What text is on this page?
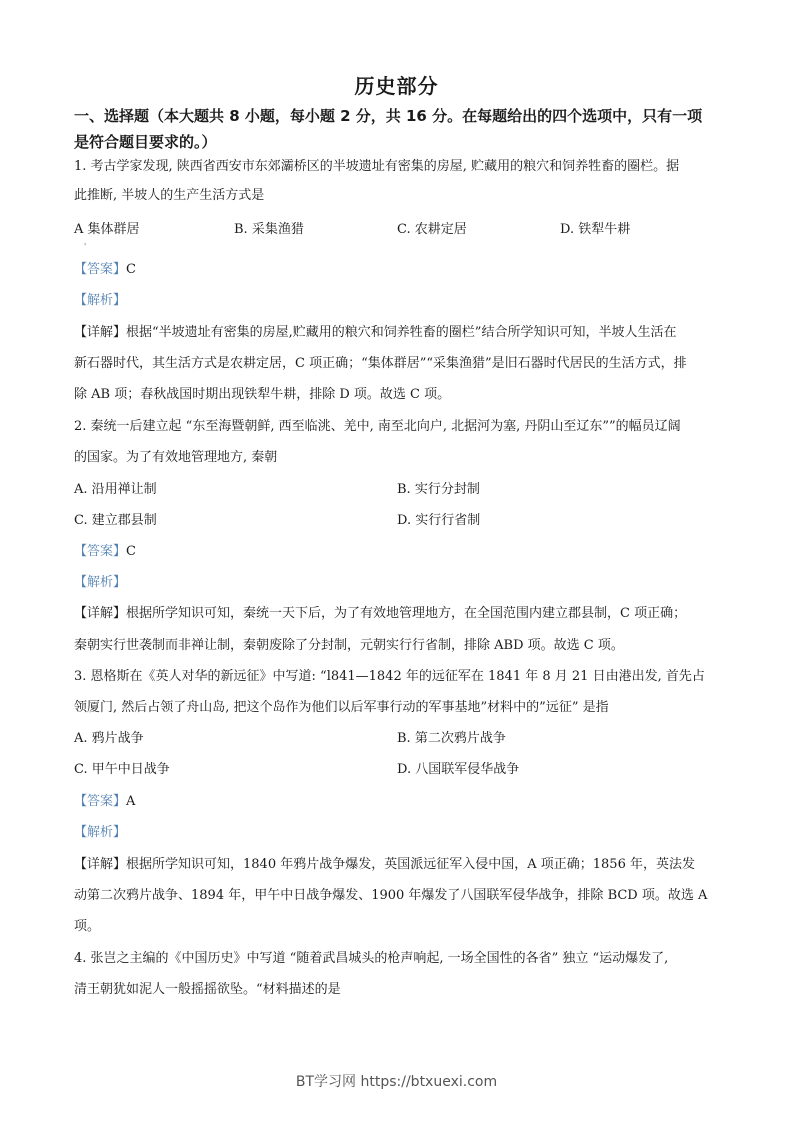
历史部分
一、选择题（本大题共 8 小题，每小题 2 分，共 16 分。在每题给出的四个选项中，只有一项
是符合题目要求的。）
1. 考古学家发现, 陕西省西安市东郊灞桥区的半坡遗址有密集的房屋, 贮藏用的粮穴和饲养牲畜的圈栏。据
此推断, 半坡人的生产生活方式是
A 集体群居	B. 采集渔猎	C. 农耕定居	D. 铁犁牛耕
'
【答案】C
【解析】
【详解】根据“半坡遗址有密集的房屋,贮藏用的粮穴和饲养牲畜的圈栏”结合所学知识可知，半坡人生活在
新石器时代，其生活方式是农耕定居，C 项正确；“集体群居”“采集渔猎”是旧石器时代居民的生活方式，排
除 AB 项；春秋战国时期出现铁犁牛耕，排除 D 项。故选 C 项。
2. 秦统一后建立起 “东至海暨朝鲜, 西至临洮、羌中, 南至北向户, 北据河为塞, 丹阴山至辽东””的幅员辽阔
的国家。为了有效地管理地方, 秦朝
A. 沿用禅让制	B. 实行分封制
C. 建立郡县制	D. 实行行省制
【答案】C
【解析】
【详解】根据所学知识可知，秦统一天下后，为了有效地管理地方，在全国范围内建立郡县制，C 项正确；
秦朝实行世袭制而非禅让制，秦朝废除了分封制，元朝实行行省制，排除 ABD 项。故选 C 项。
3. 恩格斯在《英人对华的新远征》中写道: “l841—1842 年的远征军在 1841 年 8 月 21 日由港出发, 首先占
领厦门, 然后占领了舟山岛, 把这个岛作为他们以后军事行动的军事基地”材料中的”远征” 是指
A. 鸦片战争	B. 第二次鸦片战争
C. 甲午中日战争	D. 八国联军侵华战争
【答案】A
【解析】
【详解】根据所学知识可知，1840 年鸦片战争爆发，英国派远征军入侵中国，A 项正确；1856 年，英法发
动第二次鸦片战争、1894 年，甲午中日战争爆发、1900 年爆发了八国联军侵华战争，排除 BCD 项。故选 A
项。
4. 张岂之主编的《中国历史》中写道 “随着武昌城头的枪声响起, 一场全国性的各省” 独立 “运动爆发了,
清王朝犹如泥人一般摇摇欲坠。“材料描述的是
BT学习网 https://btxuexi.com
